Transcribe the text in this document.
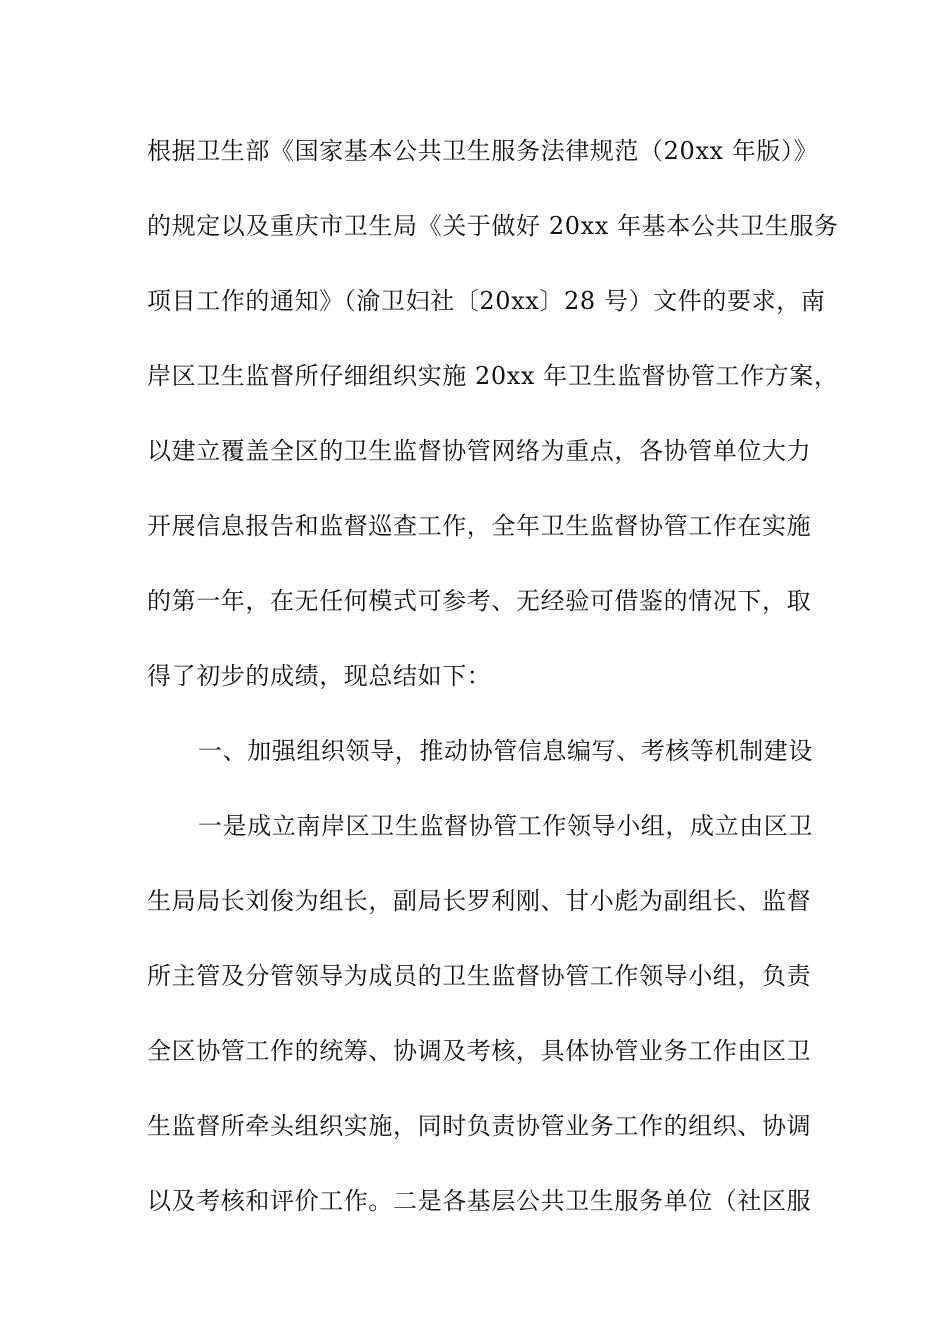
根据卫生部《国家基本公共卫生服务法律规范（20xx 年版）》
的规定以及重庆市卫生局《关于做好 20xx 年基本公共卫生服务
项目工作的通知》（渝卫妇社〔20xx〕28 号）文件的要求，南
岸区卫生监督所仔细组织实施 20xx 年卫生监督协管工作方案，
以建立覆盖全区的卫生监督协管网络为重点，各协管单位大力
开展信息报告和监督巡查工作，全年卫生监督协管工作在实施
的第一年，在无任何模式可参考、无经验可借鉴的情况下，取
得了初步的成绩，现总结如下：
一、加强组织领导，推动协管信息编写、考核等机制建设
一是成立南岸区卫生监督协管工作领导小组，成立由区卫
生局局长刘俊为组长，副局长罗利刚、甘小彪为副组长、监督
所主管及分管领导为成员的卫生监督协管工作领导小组，负责
全区协管工作的统筹、协调及考核，具体协管业务工作由区卫
生监督所牵头组织实施，同时负责协管业务工作的组织、协调
以及考核和评价工作。二是各基层公共卫生服务单位（社区服
